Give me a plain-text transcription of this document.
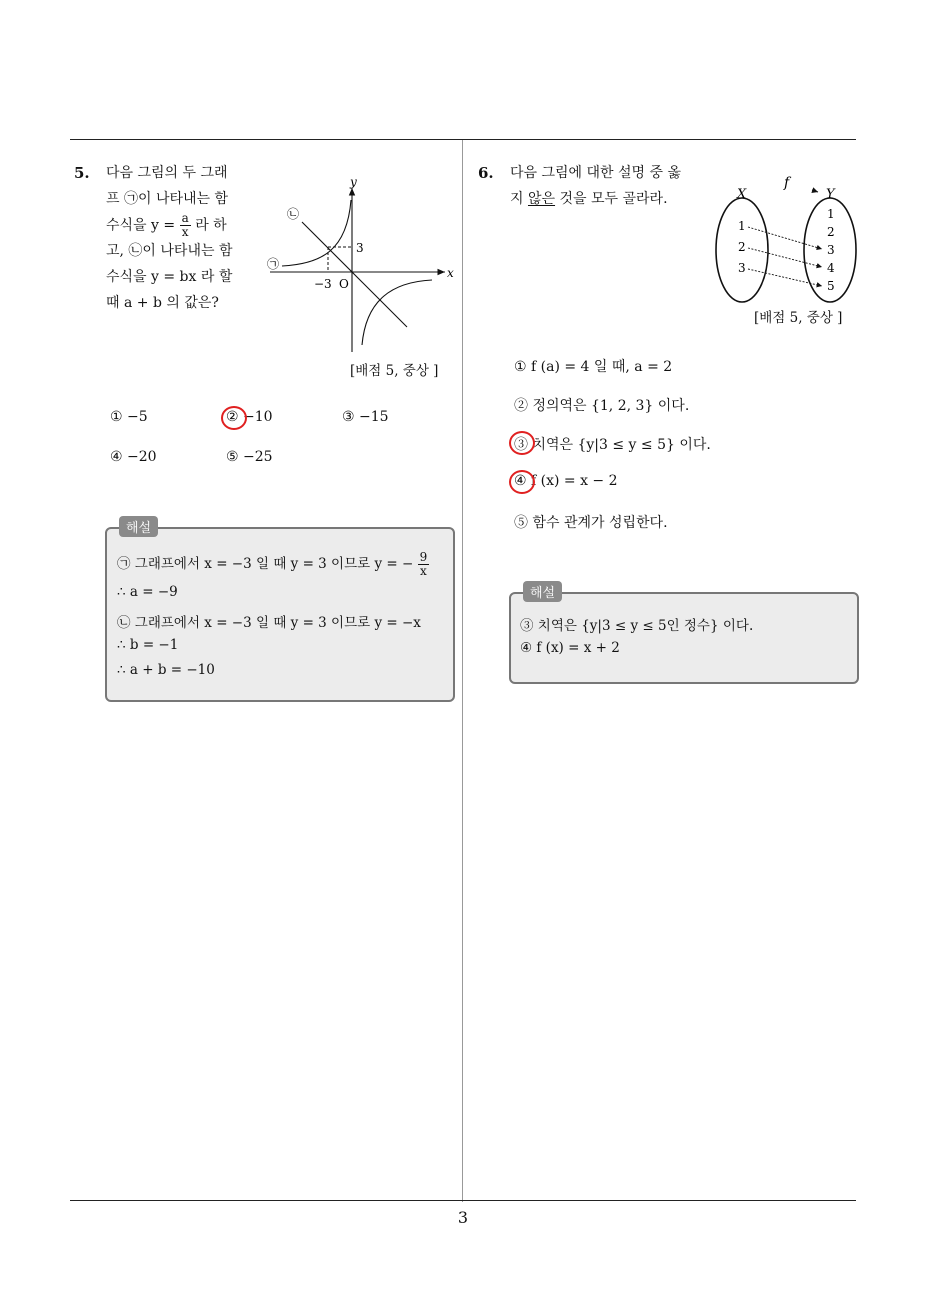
5. 다음 그림의 두 그래
프 ㉠이 나타내는 함
수식을 $y = \frac{a}{x}$ 라 하
고, ㉡이 나타내는 함
수식을 y = bx 라 할
때 a + b 의 값은?
y
x
O
−3
3
㉠
㉡
[배점 5, 중상 ]
① −5	② −10	③ −15
④ −20	⑤ −25
해설
㉠ 그래프에서 x = −3 일 때 y = 3 이므로 y = − $\frac{9}{x}$
∴ a = −9
㉡ 그래프에서 x = −3 일 때 y = 3 이므로 y = −x
∴ b = −1
∴ a + b = −10
6. 다음 그림에 대한 설명 중 옳
지 않은 것을 모두 골라라.	X	Y
f
1
2
3
1
2
3
4
5
[배점 5, 중상 ]
① f (a) = 4 일 때, a = 2
② 정의역은 {1, 2, 3} 이다.
③ 치역은 {y|3 ≤ y ≤ 5} 이다.
④ f (x) = x − 2
⑤ 함수 관계가 성립한다.
해설
③ 치역은 {y|3 ≤ y ≤ 5인 정수} 이다.
④ f (x) = x + 2
3
